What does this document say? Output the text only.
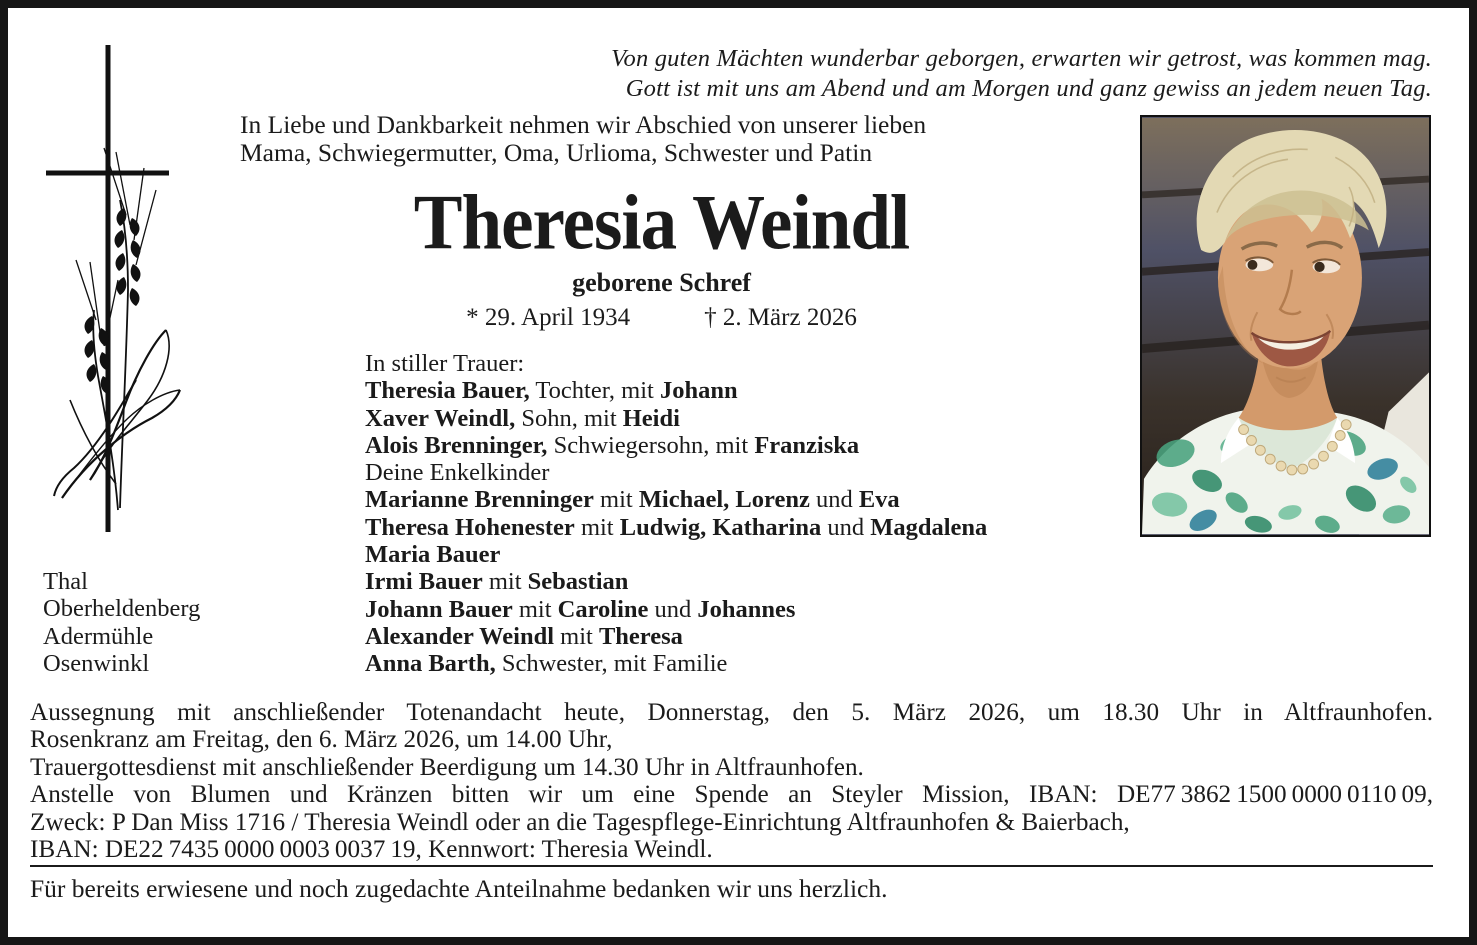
Von guten Mächten wunderbar geborgen, erwarten wir getrost, was kommen mag.
Gott ist mit uns am Abend und am Morgen und ganz gewiss an jedem neuen Tag.
In Liebe und Dankbarkeit nehmen wir Abschied von unserer lieben
Mama, Schwiegermutter, Oma, Urlioma, Schwester und Patin
Theresia Weindl
geborene Schref
* 29. April 1934	† 2. März 2026
In stiller Trauer:
Theresia Bauer, Tochter, mit Johann
Xaver Weindl, Sohn, mit Heidi
Alois Brenninger, Schwiegersohn, mit Franziska
Deine Enkelkinder
Marianne Brenninger mit Michael, Lorenz und Eva
Theresa Hohenester mit Ludwig, Katharina und Magdalena
Maria Bauer
Irmi Bauer mit Sebastian
Johann Bauer mit Caroline und Johannes
Alexander Weindl mit Theresa
Anna Barth, Schwester, mit Familie
Thal
Oberheldenberg
Adermühle
Osenwinkl
Aussegnung mit anschließender Totenandacht heute, Donnerstag, den 5. März 2026, um 18.30 Uhr in Altfraunhofen.
Rosenkranz am Freitag, den 6. März 2026, um 14.00 Uhr,
Trauergottesdienst mit anschließender Beerdigung um 14.30 Uhr in Altfraunhofen.
Anstelle von Blumen und Kränzen bitten wir um eine Spende an Steyler Mission, IBAN: DE77 3862 1500 0000 0110 09,
Zweck: P Dan Miss 1716 / Theresia Weindl oder an die Tagespflege-Einrichtung Altfraunhofen & Baierbach,
IBAN: DE22 7435 0000 0003 0037 19, Kennwort: Theresia Weindl.
Für bereits erwiesene und noch zugedachte Anteilnahme bedanken wir uns herzlich.
